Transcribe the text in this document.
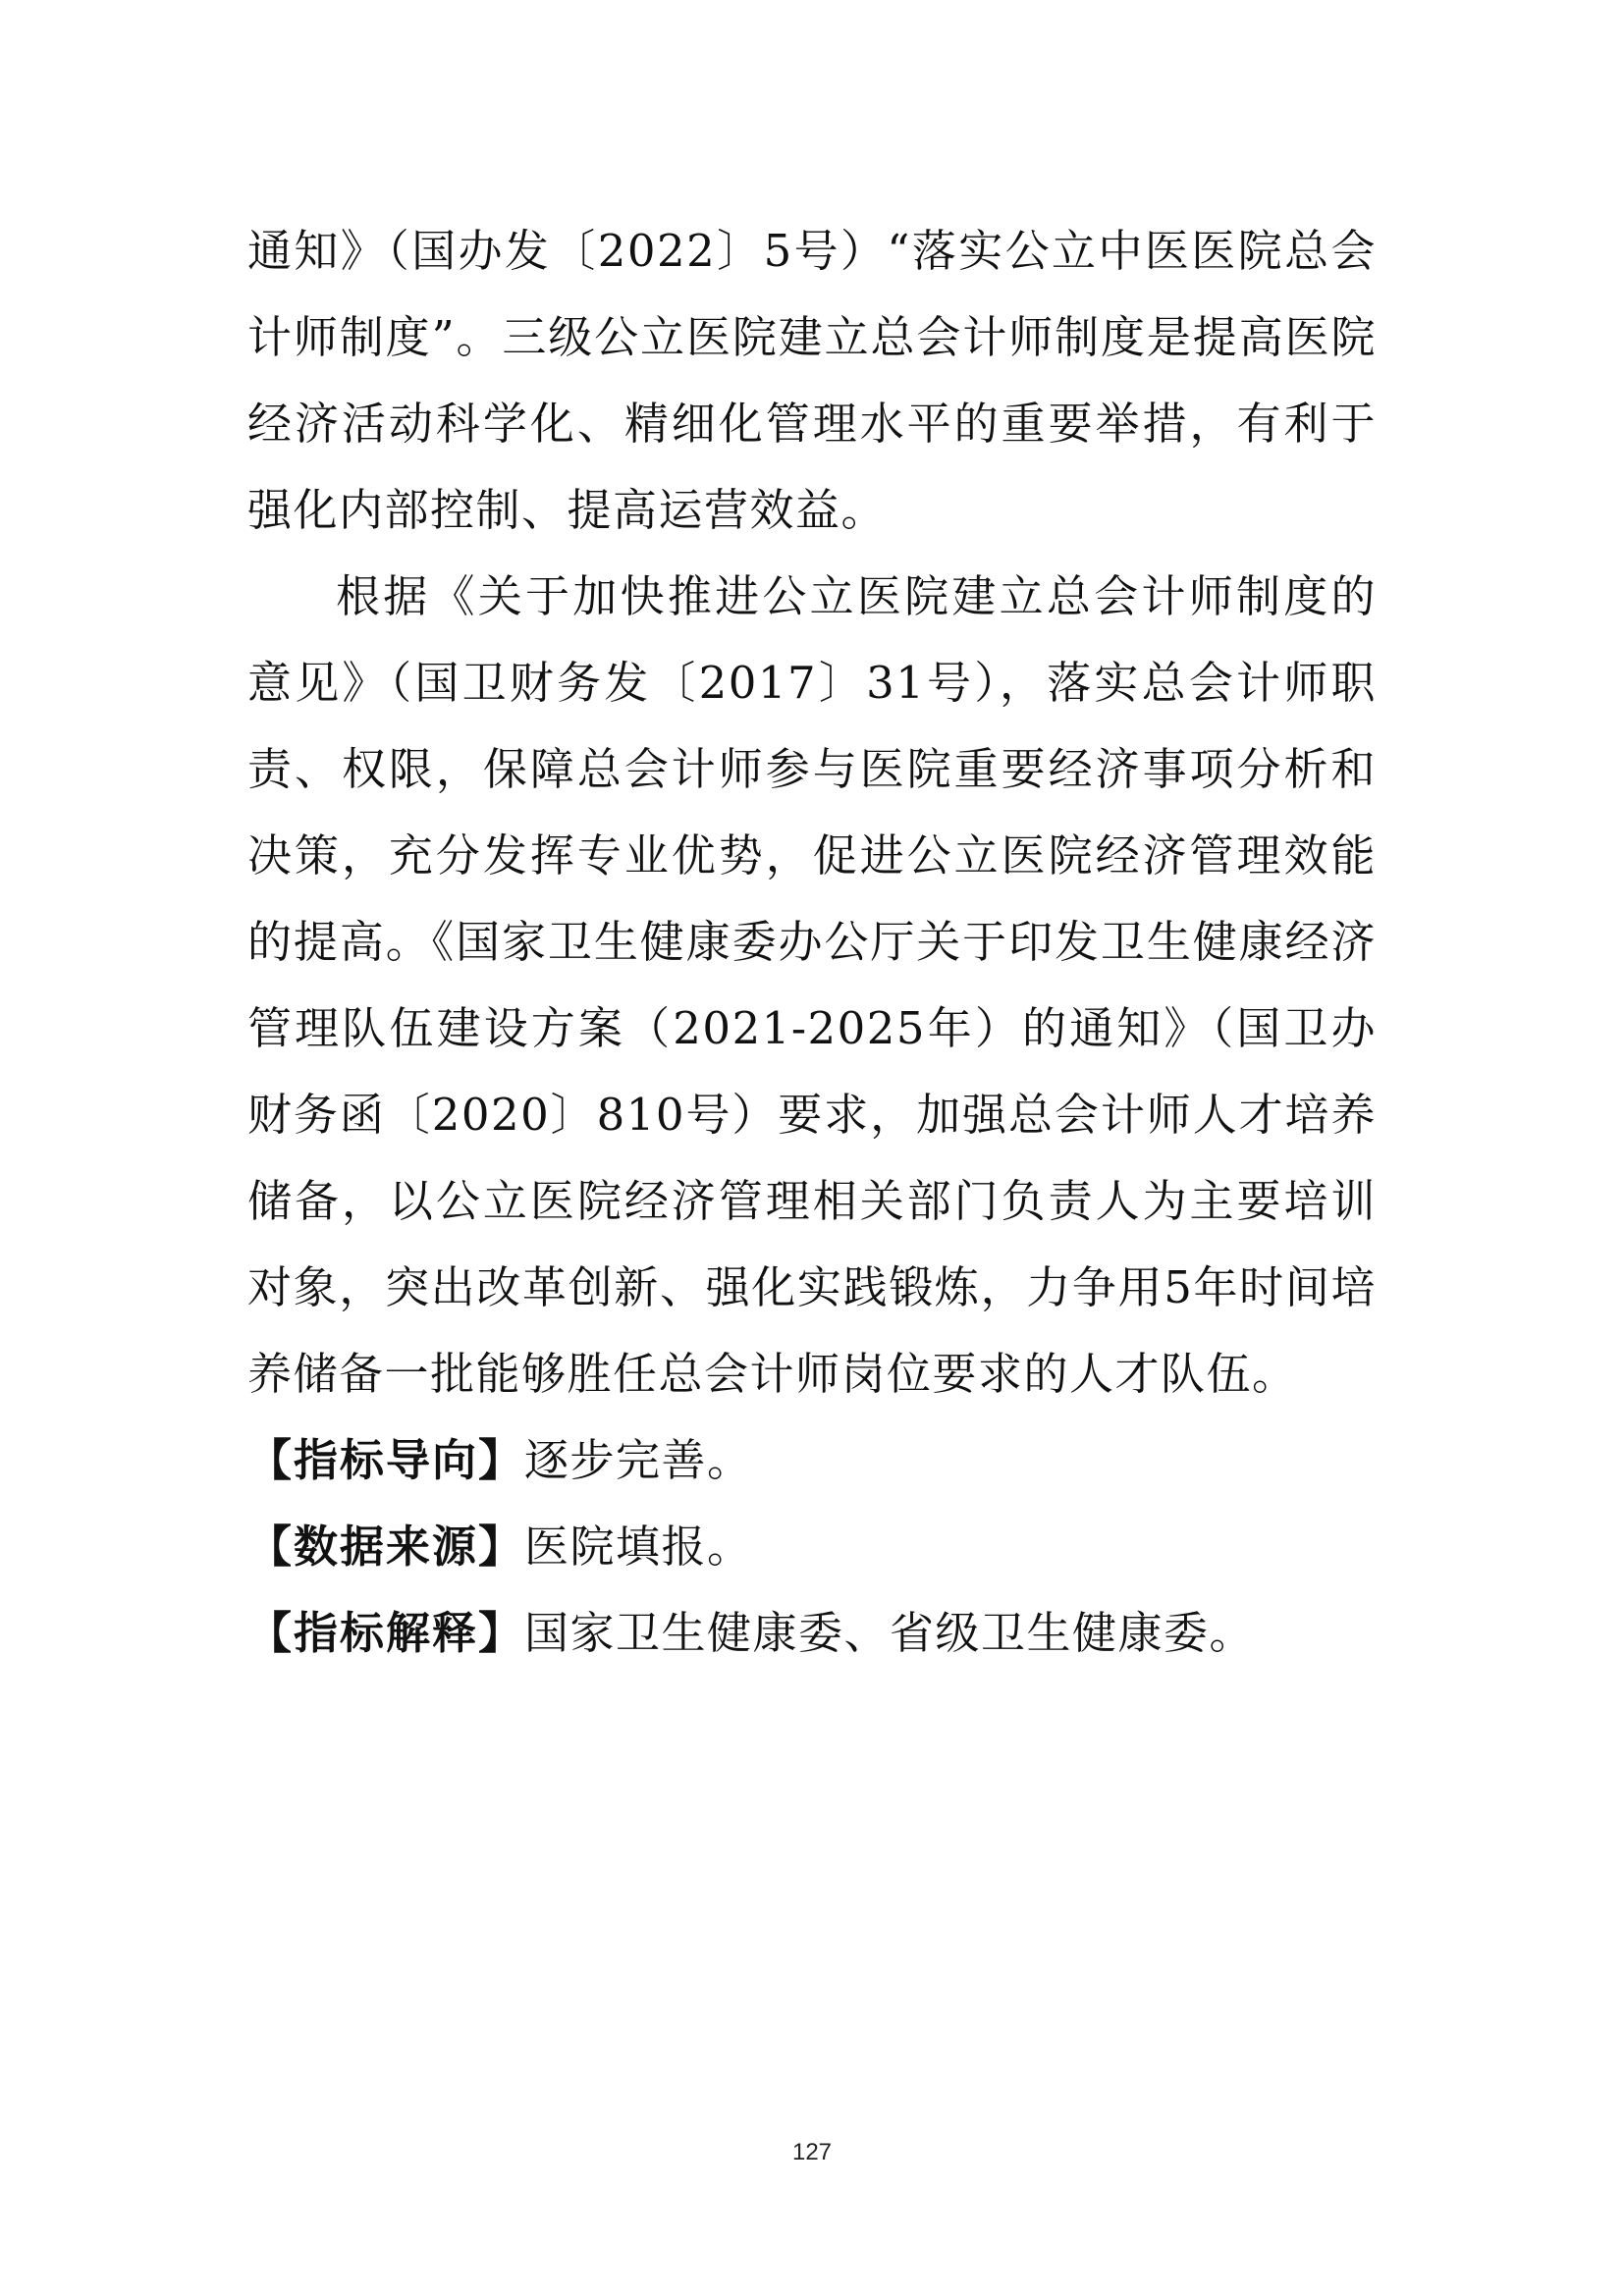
通知》（国办发〔2022〕5号）“落实公立中医医院总会计师制度”。三级公立医院建立总会计师制度是提高医院经济活动科学化、精细化管理水平的重要举措，有利于强化内部控制、提高运营效益。

根据《关于加快推进公立医院建立总会计师制度的意见》（国卫财务发〔2017〕31号），落实总会计师职责、权限，保障总会计师参与医院重要经济事项分析和决策，充分发挥专业优势，促进公立医院经济管理效能的提高。《国家卫生健康委办公厅关于印发卫生健康经济管理队伍建设方案（2021-2025年）的通知》（国卫办财务函〔2020〕810号）要求，加强总会计师人才培养储备，以公立医院经济管理相关部门负责人为主要培训对象，突出改革创新、强化实践锻炼，力争用5年时间培养储备一批能够胜任总会计师岗位要求的人才队伍。

【指标导向】逐步完善。

【数据来源】医院填报。

【指标解释】国家卫生健康委、省级卫生健康委。

127
